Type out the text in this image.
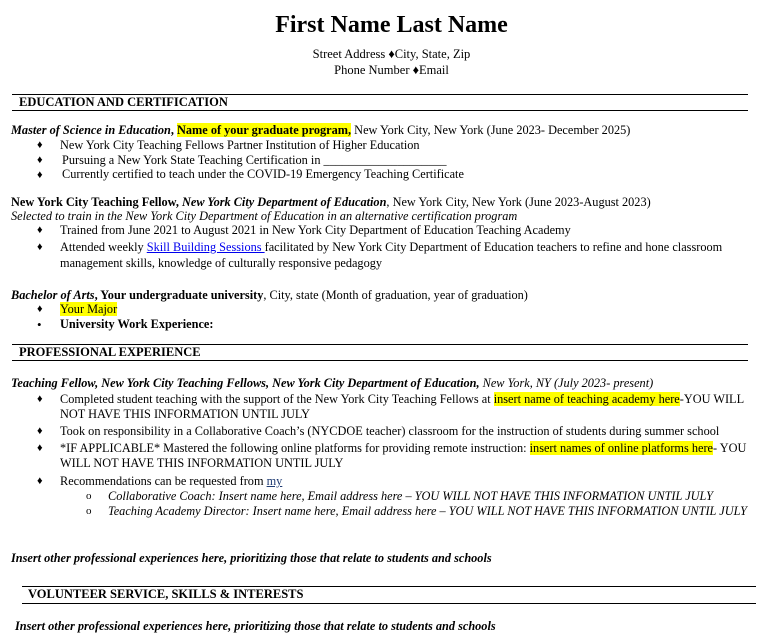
First Name Last Name
Street Address ♦City, State, Zip
Phone Number ♦Email
EDUCATION AND CERTIFICATION
Master of Science in Education, Name of your graduate program, New York City, New York (June 2023- December 2025)
♦ New York City Teaching Fellows Partner Institution of Higher Education
♦ Pursuing a New York State Teaching Certification in ____________________
♦ Currently certified to teach under the COVID-19 Emergency Teaching Certificate
New York City Teaching Fellow, New York City Department of Education, New York City, New York (June 2023-August 2023)
Selected to train in the New York City Department of Education in an alternative certification program
♦ Trained from June 2021 to August 2021 in New York City Department of Education Teaching Academy
♦ Attended weekly Skill Building Sessions facilitated by New York City Department of Education teachers to refine and hone classroom
management skills, knowledge of culturally responsive pedagogy
Bachelor of Arts, Your undergraduate university, City, state (Month of graduation, year of graduation)
♦ Your Major
• University Work Experience:
PROFESSIONAL EXPERIENCE
Teaching Fellow, New York City Teaching Fellows, New York City Department of Education, New York, NY (July 2023- present)
♦ Completed student teaching with the support of the New York City Teaching Fellows at insert name of teaching academy here-YOU WILL
NOT HAVE THIS INFORMATION UNTIL JULY
♦ Took on responsibility in a Collaborative Coach’s (NYCDOE teacher) classroom for the instruction of students during summer school
♦ *IF APPLICABLE* Mastered the following online platforms for providing remote instruction: insert names of online platforms here- YOU
WILL NOT HAVE THIS INFORMATION UNTIL JULY
♦ Recommendations can be requested from my
o Collaborative Coach: Insert name here, Email address here – YOU WILL NOT HAVE THIS INFORMATION UNTIL JULY
o Teaching Academy Director: Insert name here, Email address here – YOU WILL NOT HAVE THIS INFORMATION UNTIL JULY
Insert other professional experiences here, prioritizing those that relate to students and schools
VOLUNTEER SERVICE, SKILLS & INTERESTS
Insert other professional experiences here, prioritizing those that relate to students and schools
